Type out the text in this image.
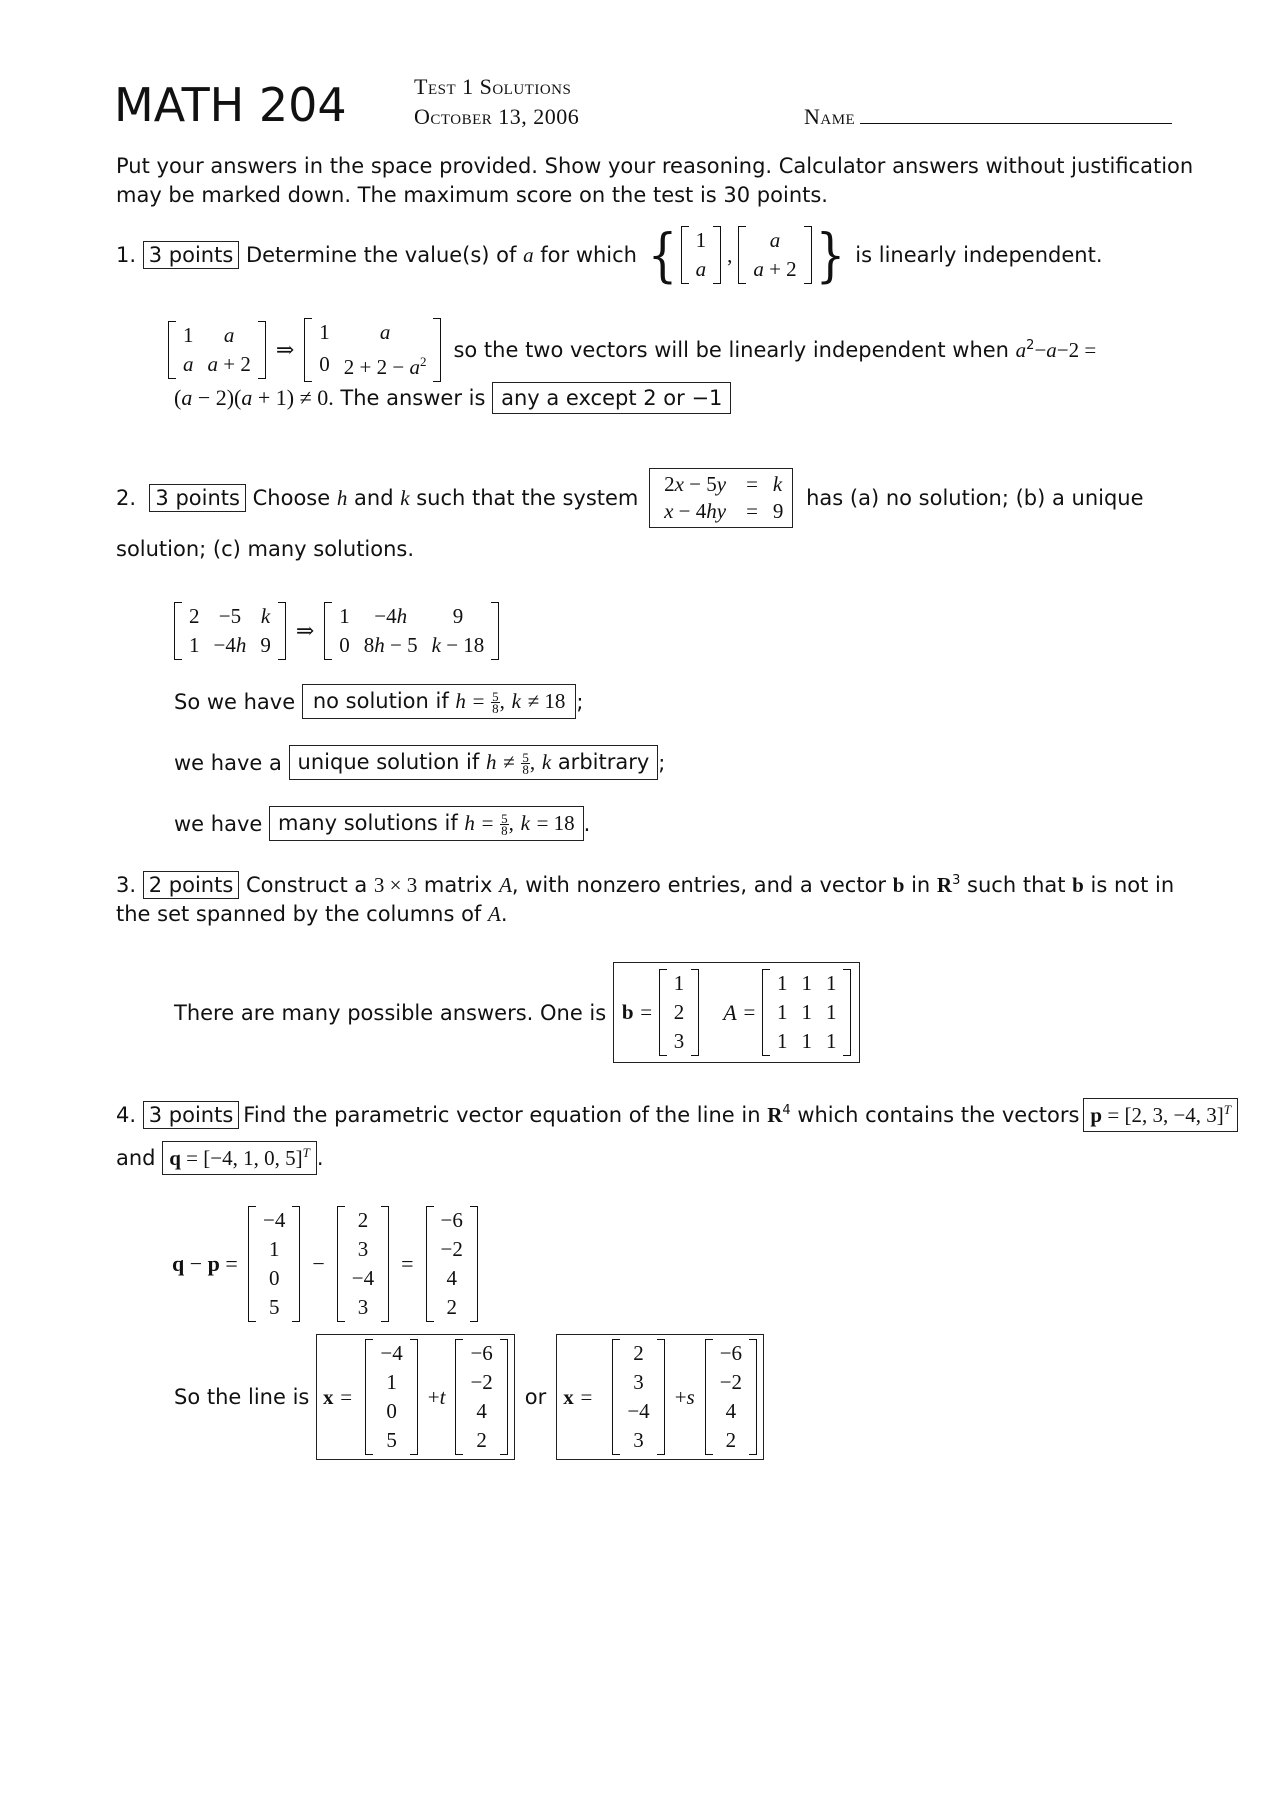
MATH 204	Test 1 Solutions
October 13, 2006	Name
Put your answers in the space provided. Show your reasoning. Calculator answers without justification may be marked down. The maximum score on the test is 30 points.
1.
3 points
Determine the value(s) of a for which
{ 1
a
,
a
a + 2 }
is linearly independent.
1	a
a	a + 2
⇒
1	a
0	$2 + 2 - a^2$ so the two vectors will be linearly independent when $a^2-a-2$ =
(a − 2)(a + 1) ≠ 0.
The answer is
any a except 2 or −1
2.
3 points
Choose h and k such that the system

2x − 5y	=	k
x − 4hy	=	9

has (a) no solution; (b) a unique
solution; (c) many solutions.
2	−5	k
1	−4h	9
⇒
1	−4h	9
0	8h − 5	k − 18
So we have
no solution if $h = \frac{5}{8}$ , k ≠ 18 ;
we have a
unique solution if $h \ne \frac{5}{8}$ , k arbitrary ;
we have
many solutions if $h = \frac{5}{8}$ , k = 18 .
3. 2 points Construct a 3 × 3 matrix A, with nonzero entries, and a vector b in $R^3$ such that b is not in the set spanned by the columns of A.
There are many possible answers. One is
b
=

1
2
3
A
=

1	1	1
1	1	1
1	1	1
4.
3 points Find the parametric vector equation of the line in $R^4$ which contains the vectors p = [2, 3, −4, 3]$^T$
and
q = [−4, 1, 0, 5]$^T$ .
q − p =

−4
1
0
5
−
2
3
−4
3
=
−6
−2
4
2
So the line is
x
=

−4
1
0
5
+t
−6
−2
4
2
or x
=

2
3
−4
3
+s
−6
−2
4
2
